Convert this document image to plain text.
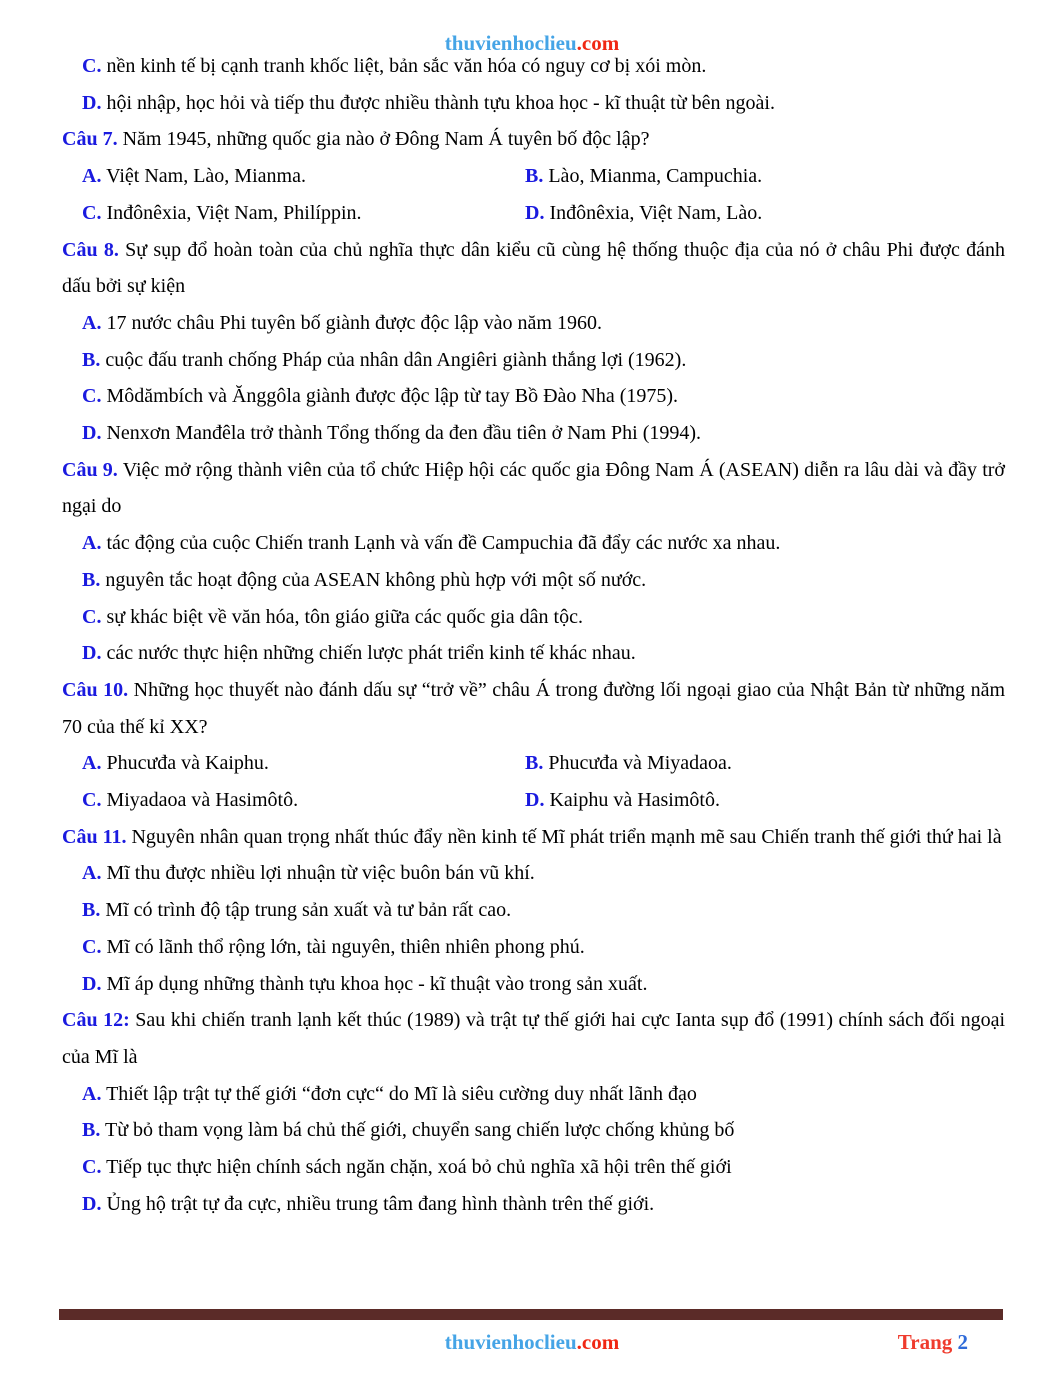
thuvienhoclieu.com
C. nền kinh tế bị cạnh tranh khốc liệt, bản sắc văn hóa có nguy cơ bị xói mòn.
D. hội nhập, học hỏi và tiếp thu được nhiều thành tựu khoa học - kĩ thuật từ bên ngoài.
Câu 7. Năm 1945, những quốc gia nào ở Đông Nam Á tuyên bố độc lập?
A. Việt Nam, Lào, Mianma.	B. Lào, Mianma, Campuchia.
C. Inđônêxia, Việt Nam, Philíppin.	D. Inđônêxia, Việt Nam, Lào.
Câu 8. Sự sụp đổ hoàn toàn của chủ nghĩa thực dân kiểu cũ cùng hệ thống thuộc địa của nó ở châu Phi được đánh dấu bởi sự kiện
A. 17 nước châu Phi tuyên bố giành được độc lập vào năm 1960.
B. cuộc đấu tranh chống Pháp của nhân dân Angiêri giành thắng lợi (1962).
C. Môdămbích và Ănggôla giành được độc lập từ tay Bồ Đào Nha (1975).
D. Nenxơn Manđêla trở thành Tổng thống da đen đầu tiên ở Nam Phi (1994).
Câu 9. Việc mở rộng thành viên của tổ chức Hiệp hội các quốc gia Đông Nam Á (ASEAN) diễn ra lâu dài và đầy trở ngại do
A. tác động của cuộc Chiến tranh Lạnh và vấn đề Campuchia đã đẩy các nước xa nhau.
B. nguyên tắc hoạt động của ASEAN không phù hợp với một số nước.
C. sự khác biệt về văn hóa, tôn giáo giữa các quốc gia dân tộc.
D. các nước thực hiện những chiến lược phát triển kinh tế khác nhau.
Câu 10. Những học thuyết nào đánh dấu sự “trở về” châu Á trong đường lối ngoại giao của Nhật Bản từ những năm 70 của thế kỉ XX?
A. Phucưđa và Kaiphu.	B. Phucưđa và Miyadaoa.
C. Miyadaoa và Hasimôtô.	D. Kaiphu và Hasimôtô.
Câu 11. Nguyên nhân quan trọng nhất thúc đẩy nền kinh tế Mĩ phát triển mạnh mẽ sau Chiến tranh thế giới thứ hai là
A. Mĩ thu được nhiều lợi nhuận từ việc buôn bán vũ khí.
B. Mĩ có trình độ tập trung sản xuất và tư bản rất cao.
C. Mĩ có lãnh thổ rộng lớn, tài nguyên, thiên nhiên phong phú.
D. Mĩ áp dụng những thành tựu khoa học - kĩ thuật vào trong sản xuất.
Câu 12: Sau khi chiến tranh lạnh kết thúc (1989) và trật tự thế giới hai cực Ianta sụp đổ (1991) chính sách đối ngoại của Mĩ là
A. Thiết lập trật tự thế giới “đơn cực“ do Mĩ là siêu cường duy nhất lãnh đạo
B. Từ bỏ tham vọng làm bá chủ thế giới, chuyển sang chiến lược chống khủng bố
C. Tiếp tục thực hiện chính sách ngăn chặn, xoá bỏ chủ nghĩa xã hội trên thế giới
D. Ủng hộ trật tự đa cực, nhiều trung tâm đang hình thành trên thế giới.
thuvienhoclieu.com	Trang 2
